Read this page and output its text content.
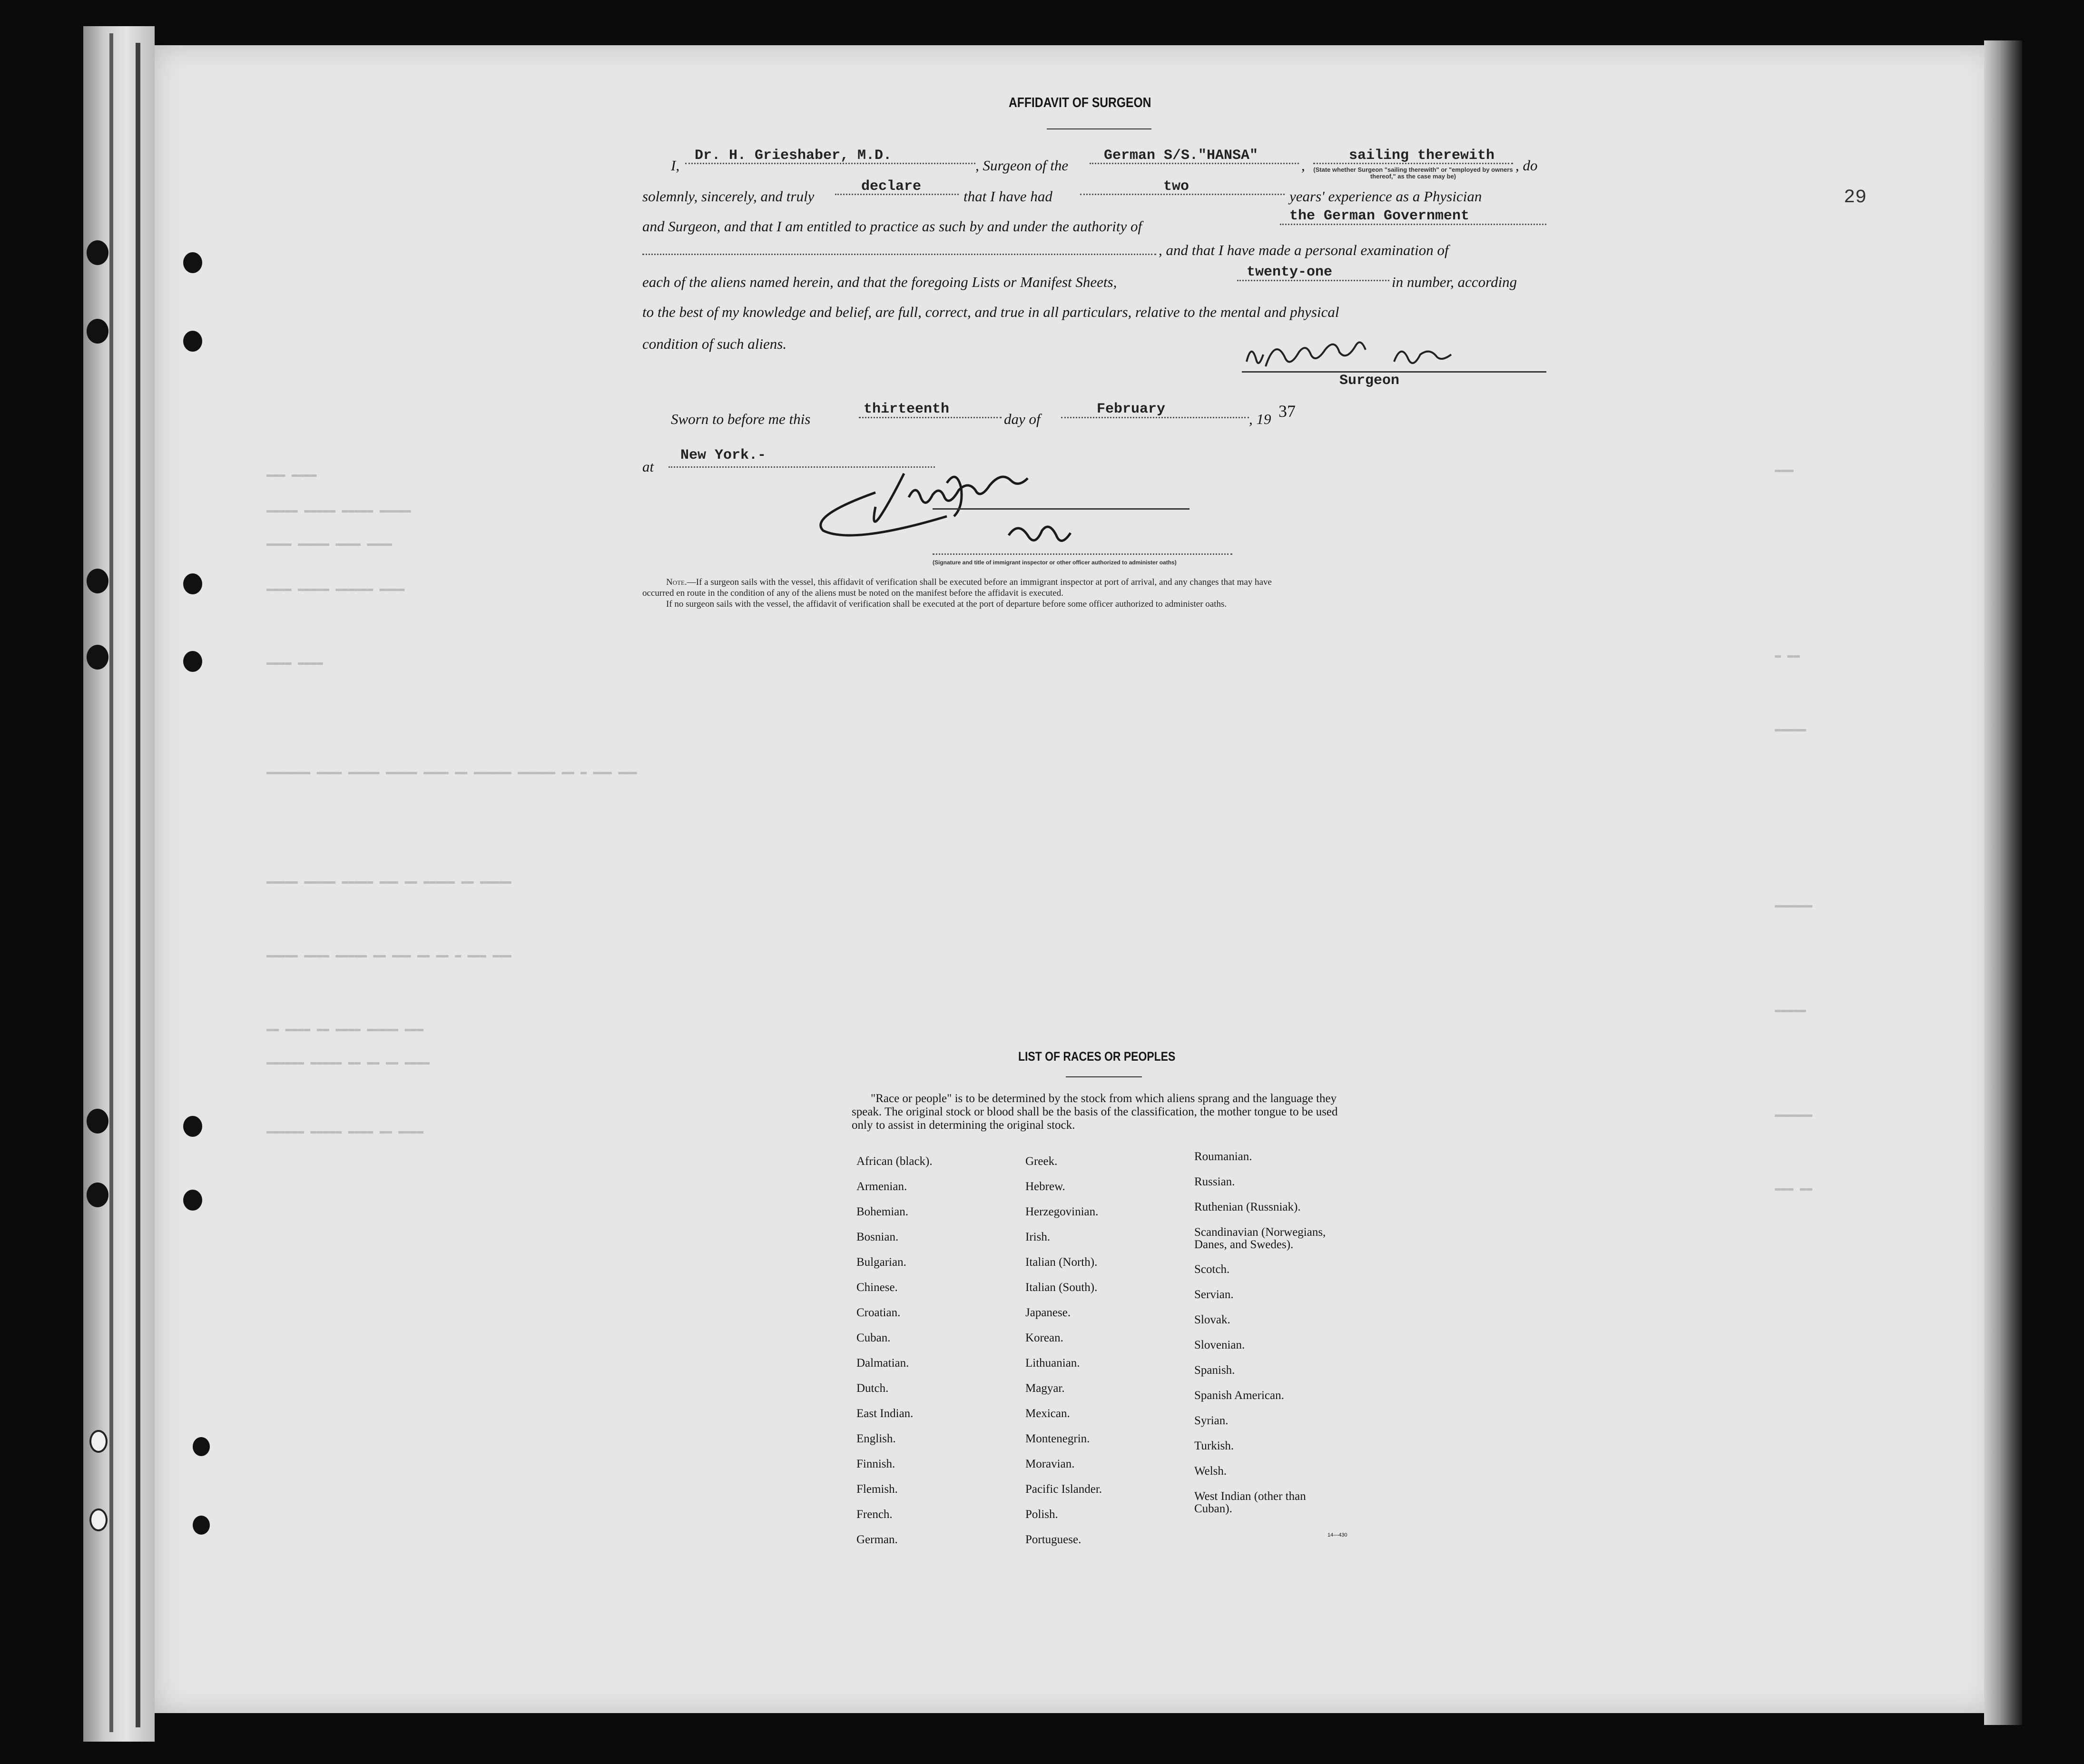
▬▬▬ ▬▬▬▬
▬▬▬▬▬ ▬▬▬▬▬ ▬▬▬▬▬ ▬▬▬▬▬
▬▬▬▬ ▬▬▬▬▬ ▬▬▬▬ ▬▬▬▬
▬▬▬▬ ▬▬▬▬▬ ▬▬▬▬▬▬ ▬▬▬▬
▬▬▬▬ ▬▬▬▬
▬▬▬▬▬▬▬ ▬▬▬▬ ▬▬▬▬▬ ▬▬▬▬▬ ▬▬▬▬ ▬▬ ▬▬▬▬▬▬ ▬▬▬▬▬▬ ▬▬ ▬ ▬▬▬ ▬▬▬
▬▬▬▬▬ ▬▬▬▬▬ ▬▬▬▬▬ ▬▬▬ ▬▬ ▬▬▬▬▬ ▬▬ ▬▬▬▬▬
▬▬▬▬▬ ▬▬▬▬ ▬▬▬▬▬ ▬▬ ▬▬▬ ▬▬ ▬▬ ▬ ▬▬▬ ▬▬▬
▬▬ ▬▬▬▬ ▬▬ ▬▬▬▬ ▬▬▬▬▬ ▬▬▬
▬▬▬▬▬▬ ▬▬▬▬▬ ▬▬ ▬▬ ▬▬ ▬▬▬▬
▬▬▬▬▬▬ ▬▬▬▬▬ ▬▬▬▬ ▬▬ ▬▬▬▬
▬▬▬
▬ ▬▬
▬▬▬▬▬
▬▬▬▬▬▬
▬▬▬▬▬
▬▬▬▬▬▬
▬▬▬ ▬▬
29
AFFIDAVIT OF SURGEON
I,
Dr. H. Grieshaber, M.D.
, Surgeon of the
German S/S."HANSA"
,
sailing therewith
, do
(State whether Surgeon "sailing therewith" or "employed by owners thereof," as the case may be)
solemnly, sincerely, and truly
declare
that I have had
two
years' experience as a Physician
and Surgeon, and that I am entitled to practice as such by and under the authority of
the German Government
, and that I have made a personal examination of
each of the aliens named herein, and that the foregoing Lists or Manifest Sheets,
twenty-one
in number, according
to the best of my knowledge and belief, are full, correct, and true in all particulars, relative to the mental and physical
condition of such aliens.
Surgeon
Sworn to before me this
thirteenth
day of
February
, 19 37
at
New York.-
(Signature and title of immigrant inspector or other officer authorized to administer oaths)
Note.—If a surgeon sails with the vessel, this affidavit of verification shall be executed before an immigrant inspector at port of arrival, and any changes that may have
occurred en route in the condition of any of the aliens must be noted on the manifest before the affidavit is executed.
If no surgeon sails with the vessel, the affidavit of verification shall be executed at the port of departure before some officer authorized to administer oaths.
LIST OF RACES OR PEOPLES
"Race or people" is to be determined by the stock from which aliens sprang and the language they speak. The original stock or blood shall be the basis of the classification, the mother tongue to be used only to assist in determining the original stock.
African (black).
Armenian.
Bohemian.
Bosnian.
Bulgarian.
Chinese.
Croatian.
Cuban.
Dalmatian.
Dutch.
East Indian.
English.
Finnish.
Flemish.
French.
German.
Greek.
Hebrew.
Herzegovinian.
Irish.
Italian (North).
Italian (South).
Japanese.
Korean.
Lithuanian.
Magyar.
Mexican.
Montenegrin.
Moravian.
Pacific Islander.
Polish.
Portuguese.
Roumanian.
Russian.
Ruthenian (Russniak).
Scandinavian (Norwegians, Danes, and Swedes).
Scotch.
Servian.
Slovak.
Slovenian.
Spanish.
Spanish American.
Syrian.
Turkish.
Welsh.
West Indian (other than Cuban).
14—430
